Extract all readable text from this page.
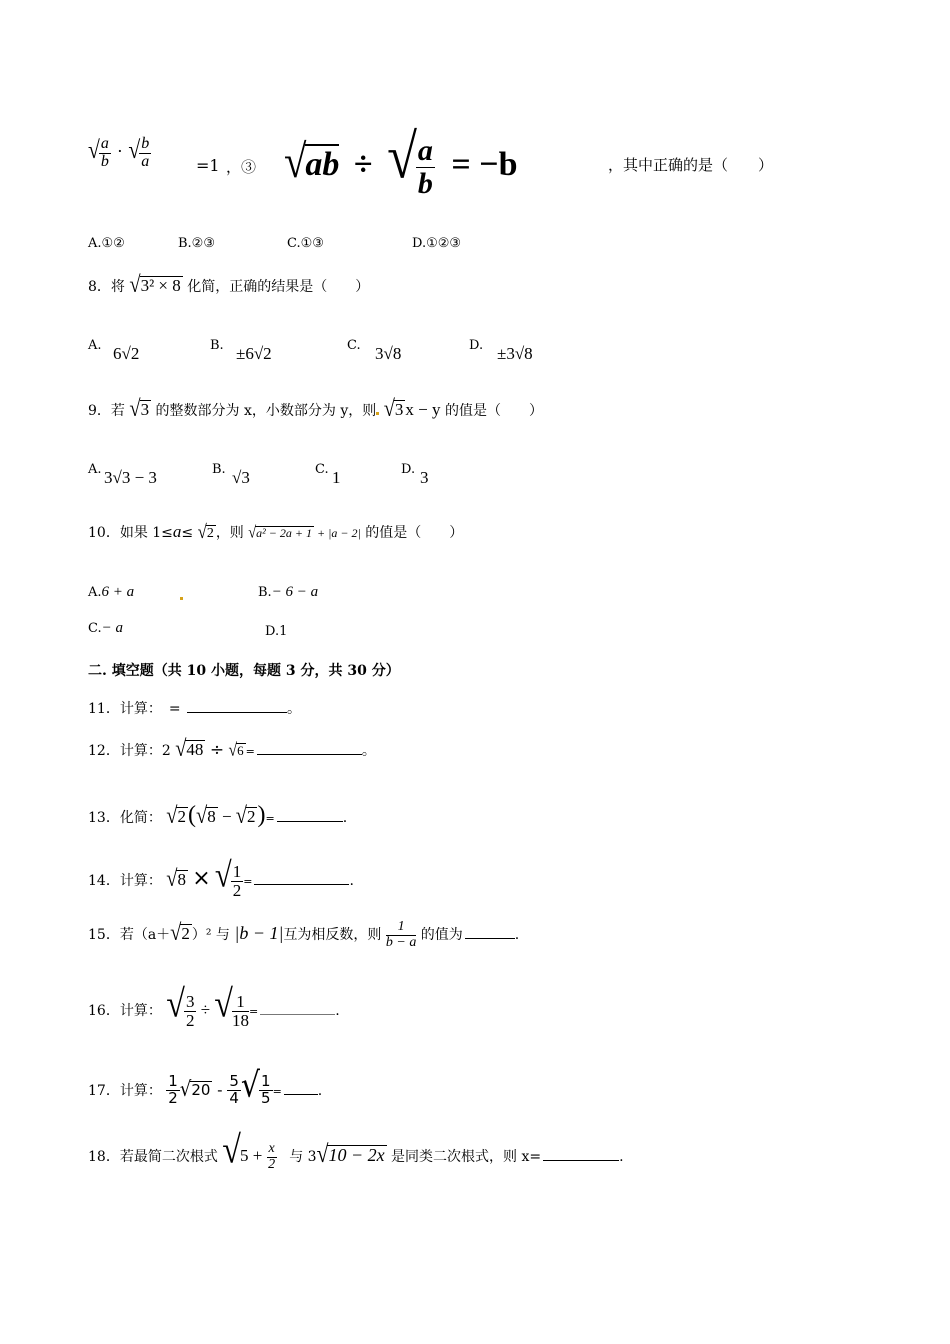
√ $\frac{a}{b}$ · √ $\frac{b}{a}$	=1 ，③ √ab ÷ √ $\frac{a}{b} = -b$	，其中正确的是（　　）
A.①②	B.②③	C.①③	D.①②③
8．将 √3² × 8 化简，正确的结果是（　　）
A. 6√2	B. ±6√2	C. 3√8	D. ±3√8
9．若 √3 的整数部分为 x，小数部分为 y，则 √3 x − y 的值是（　　）
A. 3√3 − 3	B. √3	C. 1	D. 3
10．如果 1≤a≤ √2 ，则 √a² − 2a + 1 + |a − 2| 的值是（　　）
A.6 + a	B.− 6 − a
C.− a	D.1
二. 填空题（共 10 小题，每题 3 分，共 30 分）
11．计算：　=	。
12．计算：2 √48 ÷ √6 =	。
13．化简： √2(√8 − √2)=	.
14．计算： √8 × √ $\frac{1}{2}$ =	.
15．若（a＋√2 ）² 与 |b − 1|互为相反数，则 $\frac{1}{b - a}$ 的值为	.
16．计算： √ $\frac{3}{2}$ ÷ √ $\frac{1}{18}$ =	.
17．计算： $\frac{1}{2} √20 - \frac{5}{4}$ √ $\frac{1}{5}$ =	.
18．若最简二次根式 $√5 + \frac{x}{2}$ 与 3√10 − 2x 是同类二次根式，则 x=	.
